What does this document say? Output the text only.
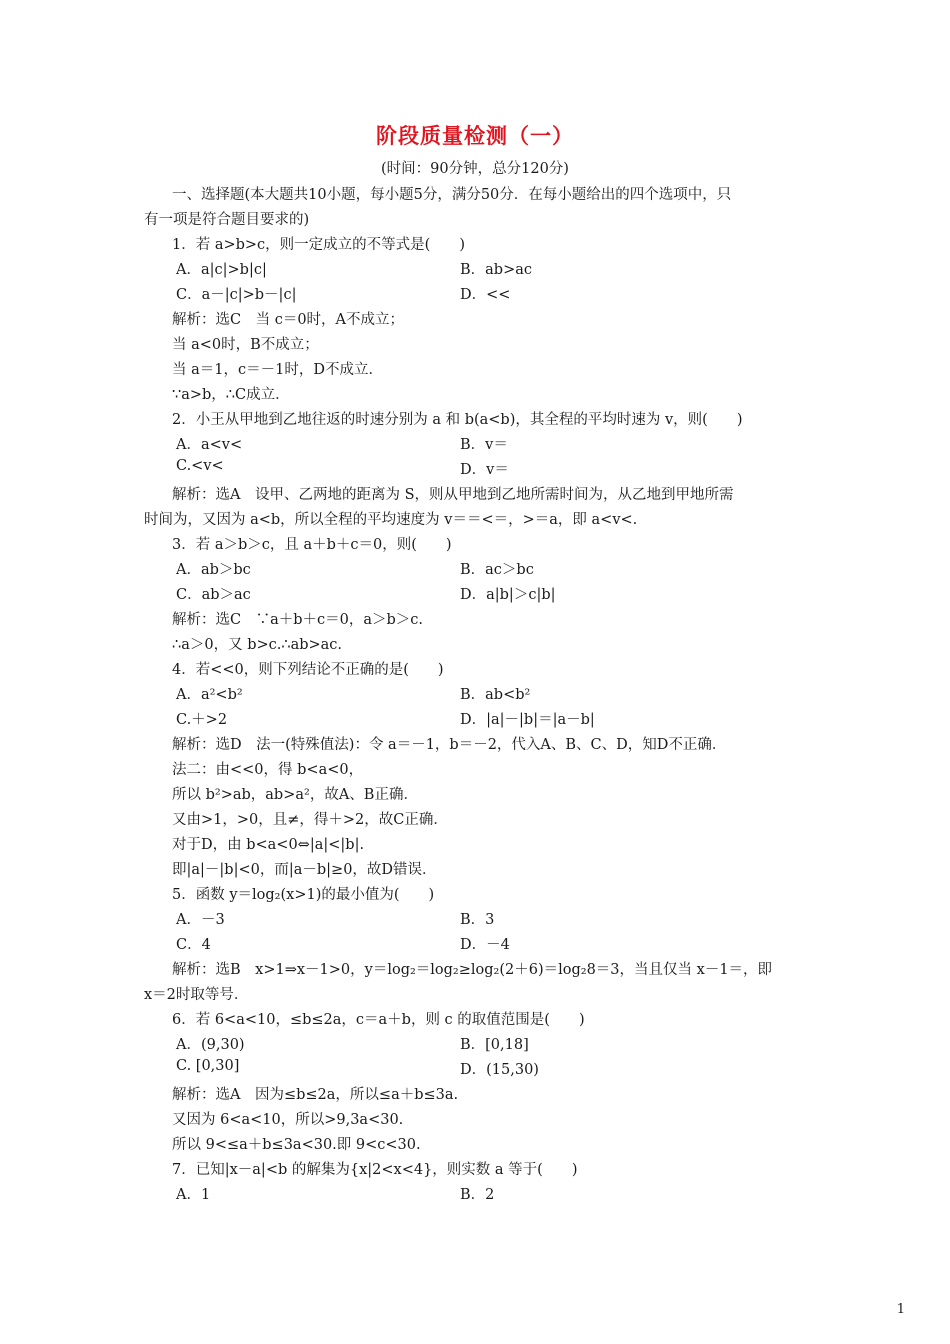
阶段质量检测（一）
(时间：90分钟，总分120分)
一、选择题(本大题共10小题，每小题5分，满分50分．在每小题给出的四个选项中，只
有一项是符合题目要求的)
1．若 a>b>c，则一定成立的不等式是(　　)
A．a|c|>b|c|	B．ab>ac
C．a－|c|>b－|c|	D．<<
解析：选C　当 c＝0时，A不成立；
当 a<0时，B不成立；
当 a＝1，c＝－1时，D不成立．
∵a>b，∴C成立．
2．小王从甲地到乙地往返的时速分别为 a 和 b(a<b)，其全程的平均时速为 v，则(　　)
A．a<v<	B．v＝
C.<v<	D．v＝
解析：选A　设甲、乙两地的距离为 S，则从甲地到乙地所需时间为，从乙地到甲地所需
时间为，又因为 a<b，所以全程的平均速度为 v＝＝<＝，>＝a，即 a<v<.
3．若 a＞b＞c，且 a＋b＋c＝0，则(　　)
A．ab＞bc	B．ac＞bc
C．ab＞ac	D．a|b|＞c|b|
解析：选C　∵a＋b＋c＝0，a＞b＞c.
∴a＞0，又 b>c.∴ab>ac.
4．若<<0，则下列结论不正确的是(　　)
A．a²<b²	B．ab<b²
C.＋>2	D．|a|－|b|＝|a－b|
解析：选D　法一(特殊值法)：令 a＝－1，b＝－2，代入A、B、C、D，知D不正确．
法二：由<<0，得 b<a<0，
所以 b²>ab，ab>a²，故A、B正确．
又由>1，>0，且≠，得＋>2，故C正确．
对于D，由 b<a<0⇔|a|<|b|.
即|a|－|b|<0，而|a－b|≥0，故D错误．
5．函数 y＝log₂(x>1)的最小值为(　　)
A．－3	B．3
C．4	D．－4
解析：选B　x>1⇒x－1>0，y＝log₂＝log₂≥log₂(2＋6)＝log₂8＝3，当且仅当 x－1＝，即
x＝2时取等号．
6．若 6<a<10，≤b≤2a，c＝a＋b，则 c 的取值范围是(　　)
A．(9,30)	B．[0,18]
C. [0,30]	D．(15,30)
解析：选A　因为≤b≤2a，所以≤a＋b≤3a.
又因为 6<a<10，所以>9,3a<30.
所以 9<≤a＋b≤3a<30.即 9<c<30.
7．已知|x－a|<b 的解集为{x|2<x<4}，则实数 a 等于(　　)
A．1	B．2
1
